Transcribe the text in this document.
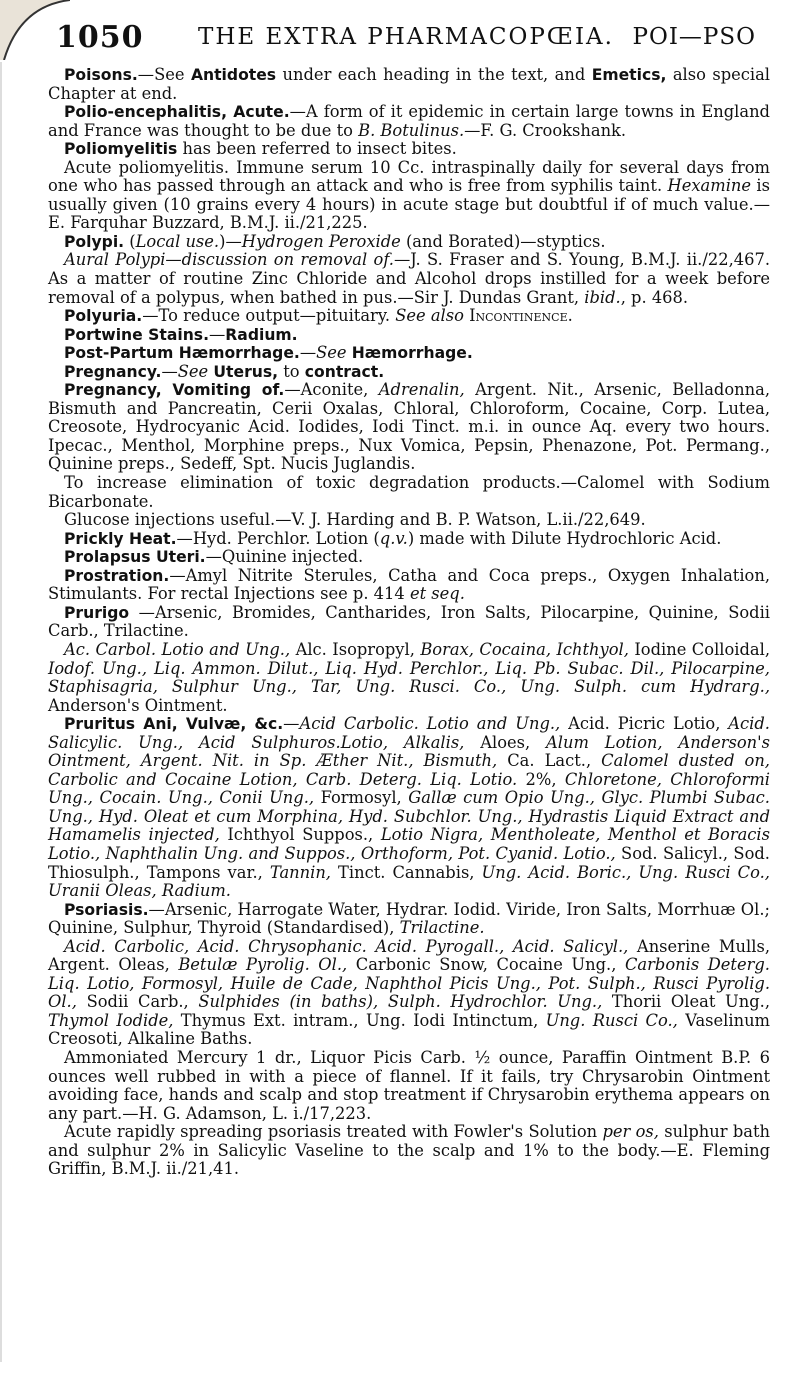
1050 THE EXTRA PHARMACOPŒIA. POI—PSO

Poisons.—See Antidotes under each heading in the text, and Emetics, also special Chapter at end.

Polio-encephalitis, Acute.—A form of it epidemic in certain large towns in England and France was thought to be due to B. Botulinus.—F. G. Crookshank.

Poliomyelitis has been referred to insect bites.

Acute poliomyelitis. Immune serum 10 Cc. intraspinally daily for several days from one who has passed through an attack and who is free from syphilis taint. Hexamine is usually given (10 grains every 4 hours) in acute stage but doubtful if of much value.—E. Farquhar Buzzard, B.M.J. ii./21,225.

Polypi. (Local use.)—Hydrogen Peroxide (and Borated)—styptics.

Aural Polypi—discussion on removal of.—J. S. Fraser and S. Young, B.M.J. ii./22,467. As a matter of routine Zinc Chloride and Alcohol drops instilled for a week before removal of a polypus, when bathed in pus.—Sir J. Dundas Grant, ibid., p. 468.

Polyuria.—To reduce output—pituitary. See also Incontinence.

Portwine Stains.—Radium.

Post-Partum Hæmorrhage.—See Hæmorrhage.

Pregnancy.—See Uterus, to contract.

Pregnancy, Vomiting of.—Aconite, Adrenalin, Argent. Nit., Arsenic, Belladonna, Bismuth and Pancreatin, Cerii Oxalas, Chloral, Chloroform, Cocaine, Corp. Lutea, Creosote, Hydrocyanic Acid. Iodides, Iodi Tinct. m.i. in ounce Aq. every two hours. Ipecac., Menthol, Morphine preps., Nux Vomica, Pepsin, Phenazone, Pot. Permang., Quinine preps., Sedeff, Spt. Nucis Juglandis.

To increase elimination of toxic degradation products.—Calomel with Sodium Bicarbonate.

Glucose injections useful.—V. J. Harding and B. P. Watson, L.ii./22,649.

Prickly Heat.—Hyd. Perchlor. Lotion (q.v.) made with Dilute Hydrochloric Acid.

Prolapsus Uteri.—Quinine injected.

Prostration.—Amyl Nitrite Sterules, Catha and Coca preps., Oxygen Inhalation, Stimulants. For rectal Injections see p. 414 et seq.

Prurigo —Arsenic, Bromides, Cantharides, Iron Salts, Pilocarpine, Quinine, Sodii Carb., Trilactine.

Ac. Carbol. Lotio and Ung., Alc. Isopropyl, Borax, Cocaina, Ichthyol, Iodine Colloidal, Iodof. Ung., Liq. Ammon. Dilut., Liq. Hyd. Perchlor., Liq. Pb. Subac. Dil., Pilocarpine, Staphisagria, Sulphur Ung., Tar, Ung. Rusci. Co., Ung. Sulph. cum Hydrarg., Anderson's Ointment.

Pruritus Ani, Vulvæ, &c.—Acid Carbolic. Lotio and Ung., Acid. Picric Lotio, Acid. Salicylic. Ung., Acid Sulphuros.Lotio, Alkalis, Aloes, Alum Lotion, Anderson's Ointment, Argent. Nit. in Sp. Æther Nit., Bismuth, Ca. Lact., Calomel dusted on, Carbolic and Cocaine Lotion, Carb. Deterg. Liq. Lotio. 2%, Chloretone, Chloroformi Ung., Cocain. Ung., Conii Ung., Formosyl, Gallæ cum Opio Ung., Glyc. Plumbi Subac. Ung., Hyd. Oleat et cum Morphina, Hyd. Subchlor. Ung., Hydrastis Liquid Extract and Hamamelis injected, Ichthyol Suppos., Lotio Nigra, Mentholeate, Menthol et Boracis Lotio., Naphthalin Ung. and Suppos., Orthoform, Pot. Cyanid. Lotio., Sod. Salicyl., Sod. Thiosulph., Tampons var., Tannin, Tinct. Cannabis, Ung. Acid. Boric., Ung. Rusci Co., Uranii Oleas, Radium.

Psoriasis.—Arsenic, Harrogate Water, Hydrar. Iodid. Viride, Iron Salts, Morrhuæ Ol.; Quinine, Sulphur, Thyroid (Standardised), Trilactine.

Acid. Carbolic, Acid. Chrysophanic. Acid. Pyrogall., Acid. Salicyl., Anserine Mulls, Argent. Oleas, Betulæ Pyrolig. Ol., Carbonic Snow, Cocaine Ung., Carbonis Deterg. Liq. Lotio, Formosyl, Huile de Cade, Naphthol Picis Ung., Pot. Sulph., Rusci Pyrolig. Ol., Sodii Carb., Sulphides (in baths), Sulph. Hydrochlor. Ung., Thorii Oleat Ung., Thymol Iodide, Thymus Ext. intram., Ung. Iodi Intinctum, Ung. Rusci Co., Vaselinum Creosoti, Alkaline Baths.

Ammoniated Mercury 1 dr., Liquor Picis Carb. ½ ounce, Paraffin Ointment B.P. 6 ounces well rubbed in with a piece of flannel. If it fails, try Chrysarobin Ointment avoiding face, hands and scalp and stop treatment if Chrysarobin erythema appears on any part.—H. G. Adamson, L. i./17,223.

Acute rapidly spreading psoriasis treated with Fowler's Solution per os, sulphur bath and sulphur 2% in Salicylic Vaseline to the scalp and 1% to the body.—E. Fleming Griffin, B.M.J. ii./21,41.
